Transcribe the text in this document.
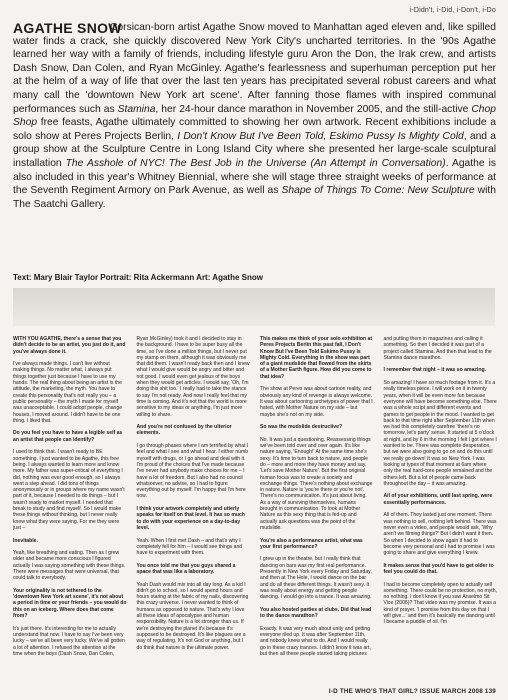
i-Didn't, i-Did, i-Don't, i-Do
AGATHE SNOW

Corsican-born artist Agathe Snow moved to Manhattan aged eleven and, like spilled water finds a crack, she quickly discovered New York City's uncharted territories. In the '90s Agathe learned her way with a family of friends, including lifestyle guru Aron the Don, the Irak crew, and artists Dash Snow, Dan Colen, and Ryan McGinley. Agathe's fearlessness and superhuman perception put her at the helm of a way of life that over the last ten years has precipitated several robust careers and what many call the 'downtown New York art scene'. After fanning those flames with inspired communal performances such as Stamina, her 24-hour dance marathon in November 2005, and the still-active Chop Shop free feasts, Agathe ultimately committed to showing her own artwork. Recent exhibitions include a solo show at Peres Projects Berlin, I Don't Know But I've Been Told, Eskimo Pussy Is Mighty Cold, and a group show at the Sculpture Centre in Long Island City where she presented her large-scale sculptural installation The Asshole of NYC! The Best Job in the Universe (An Attempt in Conversation). Agathe is also included in this year's Whitney Biennial, where she will stage three straight weeks of performance at the Seventh Regiment Armory on Park Avenue, as well as Shape of Things To Come: New Sculpture with The Saatchi Gallery.

Text: Mary Blair Taylor Portrait: Rita Ackermann Art: Agathe Snow

WITH YOU AGATHE, there's a sense that you didn't decide to be an artist, you just do it, and you've always done it.

I've always made things. I can't live without making things. No matter what, I always put things together just because I have to use my hands. The real thing about being an artist is the attitude, the marketing, the myth. You have to create this personality that's not really you – a public personality – the myth I made for myself was unacceptable. I could adopt people, change houses, I moved around. I didn't have to be one thing. I liked that.

Do you feel you have to have a legible self as an artist that people can identify?

I used to think that. I wasn't ready to BE something. I just wanted to be Agathe, this free being. I always wanted to learn more and know more. My father was super-critical of everything I did, nothing was ever good enough, so I always went a step ahead. I did tons of things anonymously or in groups where my name wasn't part of it, because I needed to do things – but I wasn't ready to market myself. I needed that break to study and find myself. So I would make these things without thinking, but I never really knew what they were saying. For me they were just –

Inevitable.

Yeah, like breathing and eating. Then as I grew older and became more conscious I figured actually I was saying something with these things. There were messages that were universal, that could talk to everybody.

Your originality is not tethered to the 'downtown New York art scene', it's not about a period in time or your friends – you would do this on an iceberg. Where does that come from?

It's just there. It's interesting for me to actually understand that now. I have to say I've been very lucky – we've all been very lucky. We've all gotten a lot of attention. I refused the attention at the time when the boys (Dash Snow, Dan Colen, Ryan McGinley) took it and I decided to stay in the background. I have to be super busy all the time, so I've done a million things, but I never put my stamp on them, although it was obviously me that did them. I wasn't ready back then and I knew what I would give would be angry and bitter and not good. I would even get jealous of the boys when they would get articles. I would say, 'Oh, I'm doing this shit too.' I really had to take the stance to say I'm not ready. And now I really feel that my time is coming. And it's not that the world is more sensitive to my ideas or anything, I'm just more willing to share.

And you're not confused by the ulterior elements.

I go through phases where I am terrified by what I feel and what I see and what I hear. I either numb myself with drugs, or I go ahead and deal with it. I'm proud of the choices that I've made because I've never had anybody make choices for me – I have a lot of freedom. But I also had no council whatsoever, no advise, so I had to figure everything out by myself. I'm happy that I'm here now.

I think your artwork completely and utterly speaks for itself on that level. It has so much to do with your experience on a day-to-day level.

Yeah. When I first met Dash – and that's why I completely fell for him – I would see things and have to experiment with them.

You once told me that you guys shared a space that was like a laboratory.

Yeah Dash would mix into all day long. As a kid I didn't go to school, so I would spend hours and hours staring at the fabric of my nails, discovering this crazy universe. I never wanted to think of humans as opposed to nature. That's why I love all these ideas of apocalypse and human responsibility. Nature is a lot stronger than us. If we're destroying the planet it's because it's supposed to be destroyed. It's like plagues are a way of regulating. It's not God or anything, but I do think that nature is the ultimate power.

This makes me think of your solo exhibition at Peres Projects Berlin this past fall, I Don't Know But I've Been Told Eskimo Pussy is Mighty Cold. Everything in the show was part of a giant mudslide that flowed from the skirts of a Mother Earth figure. How did you come to that idea?

The show at Peres was about cartoon reality, and obviously any kind of revenge is always welcome. It was about cartooning archetypes of power that I hated, with Mother Nature on my side – but maybe she's not on my side.

So was the mudslide destructive?

No. It was just a questioning. Reassessing things we've been told over and over again. It's like nature saying, 'Enough!' At the same time she's sexy. It's time to turn back to nature, and people do – more and more they have money and say, 'Let's save Mother Nature'. But the first original human focus was to create a society and exchange things. There's nothing about exchange in nature. Nature is 'you're there or you're not'. There's no communication. It's just about living. As a way of surviving themselves, humans brought in communication. To look at Mother Nature as this sexy thing that is fed-up and actually ask questions was the point of the mudslide.

You're also a performance artist, what was your first performance?

I grew up in the theatre, but I really think that dancing on bars was my first real performance. Presently in New York every Friday and Saturday, and then at The Hole, I would dance on the bar and do all these different things. It wasn't sexy. It was really about energy and getting people dancing. I would go into a trance. It was amazing.

You also hosted parties at clubs. Did that lead to the dance marathon?

Exactly. It was very much about unity and getting everyone riled up. It was after September 11th, and nobody knew what to do. And I would really go in these crazy trances. I didn't know it was art, but then all these people started taking pictures and putting them in magazines and calling it something. So then I decided it was part of a project called Stamina. And then that lead to the Stamina dance marathon.

I remember that night – it was so amazing.

So amazing! I have so much footage from it. It's a really timeless piece. I will work on it in twenty years, when it will be even more fun because everyone will have become something else. There was a whole script and different events and games to get people in the mood. I wanted to get back to that time right after September 11th when we had this completely carefree 'there's no tomorrow, let's party' sense. It started at 5 o'clock at night, and by 6 in the morning I felt I got where I wanted to be. There was complete desperation, but we were also going to go on and do this until we really go down! It was so New York. I was looking at types of that moment at 6am where only the real hard-core people remained and the others left. But a lot of people came back throughout the day – it was amazing.

All of your exhibitions, until last spring, were essentially performances.

All of them. They lasted just one moment. There was nothing to sell, nothing left behind. There was never even a video, and people would ask, 'Why aren't we filming things?' But I didn't want it then. So when I decided to show again it had to become very personal and I had to promise I was going to share and give everything I knew.

It makes sense that you'd have to get older to feel you could do that.

I had to become completely open to actually sell something. There could be no protection, no myth, no nothing. I don't know if you saw Anselmo Sit Vice (2006)? That video was my promise. It was a kind of prayer. 'I promise from this day on that I will give...' and then it's basically me dancing until I became a puddle of oil. I'm

I-D THE WHO'S THAT GIRL? ISSUE MARCH 2008 139
